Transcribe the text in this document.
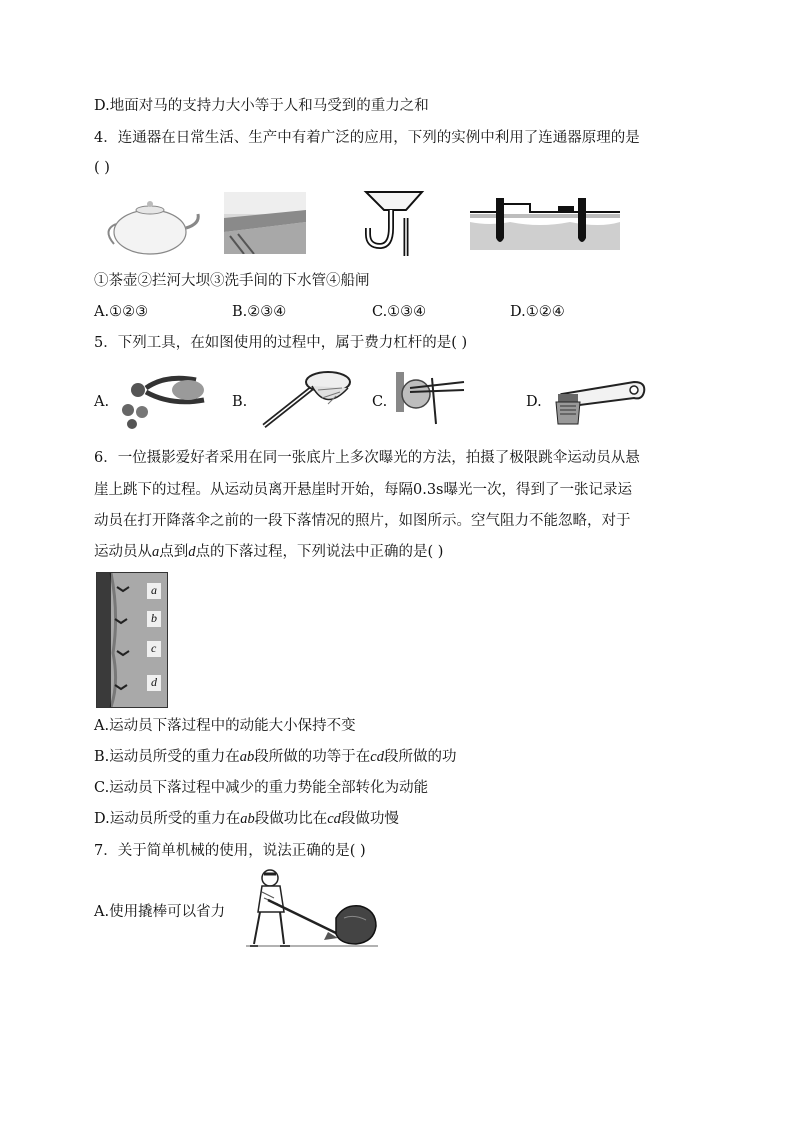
D.地面对马的支持力大小等于人和马受到的重力之和
4．连通器在日常生活、生产中有着广泛的应用，下列的实例中利用了连通器原理的是
( )
①茶壶②拦河大坝③洗手间的下水管④船闸
A.①②③	B.②③④	C.①③④	D.①②④
5．下列工具，在如图使用的过程中，属于费力杠杆的是( )
A.	B.	C.	D.
6．一位摄影爱好者采用在同一张底片上多次曝光的方法，拍摄了极限跳伞运动员从悬
崖上跳下的过程。从运动员离开悬崖时开始，每隔0.3s曝光一次，得到了一张记录运
动员在打开降落伞之前的一段下落情况的照片，如图所示。空气阻力不能忽略，对于
运动员从a点到d点的下落过程，下列说法中正确的是( )
a
b
c
d
A.运动员下落过程中的动能大小保持不变
B.运动员所受的重力在ab段所做的功等于在cd段所做的功
C.运动员下落过程中减少的重力势能全部转化为动能
D.运动员所受的重力在ab段做功比在cd段做功慢
7．关于简单机械的使用，说法正确的是( )
A.使用撬棒可以省力
